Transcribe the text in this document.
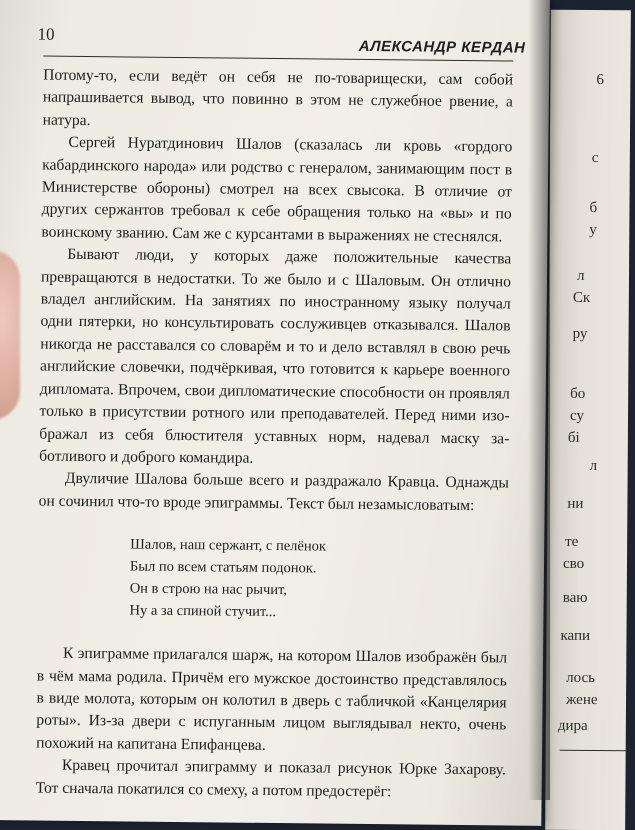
6
с
б
у
л
Ск
ру
бо
су
бі
л
ни
те
сво
ваю
капи
лось
жене
дира
10
АЛЕКСАНДР КЕРДАН

Потому-то, если ведёт он себя не по-товарищески, сам собой напрашивается вывод, что повинно в этом не служебное рвение, а натура.

Сергей Нуратдинович Шалов (сказалась ли кровь «гордого кабардинского народа» или родство с генералом, занимающим пост в Министерстве обороны) смотрел на всех свысока. В отличие от других сержантов требовал к себе обращения только на «вы» и по воинскому званию. Сам же с курсантами в выражениях не стеснялся.

Бывают люди, у которых даже положительные качества превращаются в недостатки. То же было и с Шаловым. Он отлично владел английским. На занятиях по иностранному языку получал одни пятерки, но консультировать сослуживцев отказывался. Шалов никогда не расставался со словарём и то и дело вставлял в свою речь английские словечки, подчёркивая, что готовится к карьере военного дипломата. Впрочем, свои дипломатические способности он проявлял только в присутствии ротного или преподавателей. Перед ними изображал из себя блюстителя уставных норм, надевал маску заботливого и доброго командира.

Двуличие Шалова больше всего и раздражало Кравца. Однажды он сочинил что-то вроде эпиграммы. Текст был незамысловатым:

Шалов, наш сержант, с пелёнок
Был по всем статьям подонок.
Он в строю на нас рычит,
Ну а за спиной стучит...

К эпиграмме прилагался шарж, на котором Шалов изображён был в чём мама родила. Причём его мужское достоинство представлялось в виде молота, которым он колотил в дверь с табличкой «Канцелярия роты». Из-за двери с испуганным лицом выглядывал некто, очень похожий на капитана Епифанцева.

Кравец прочитал эпиграмму и показал рисунок Юрке Захарову. Тот сначала покатился со смеху, а потом предостерёг:
